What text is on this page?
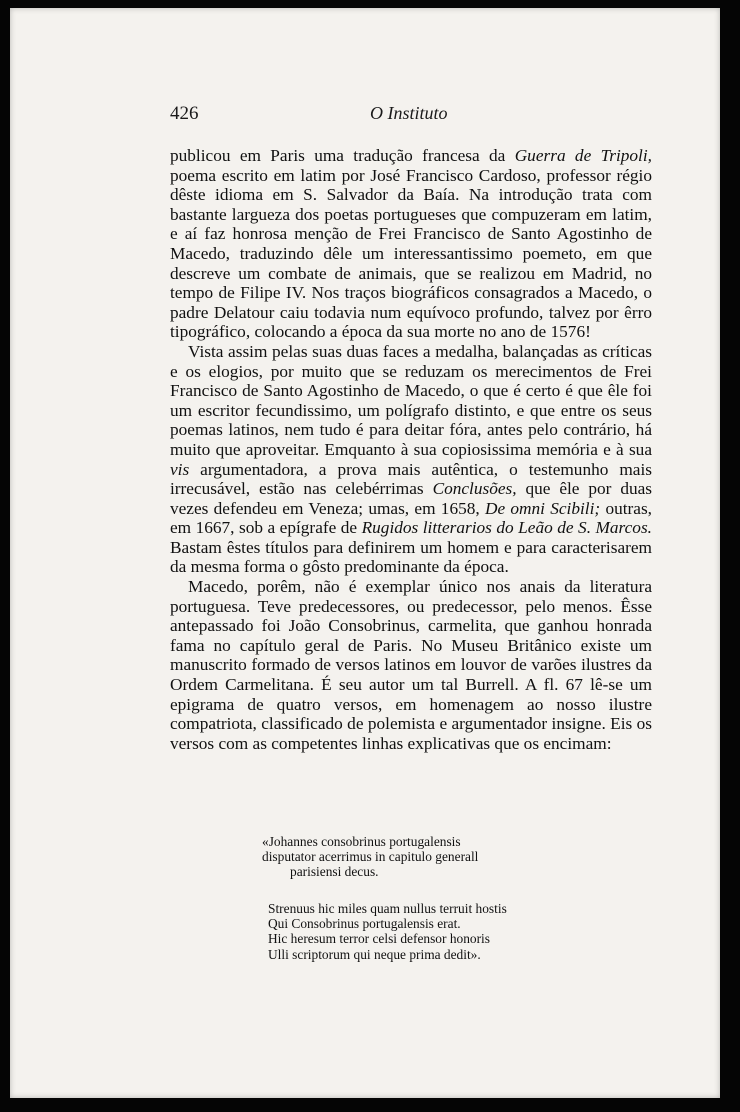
426	O Instituto

publicou em Paris uma tradução francesa da Guerra de Tripoli, poema escrito em latim por José Francisco Cardoso, professor régio dêste idioma em S. Salvador da Baía. Na introdução trata com bastante largueza dos poetas portugueses que compuzeram em latim, e aí faz honrosa menção de Frei Francisco de Santo Agostinho de Macedo, traduzindo dêle um interessantissimo poemeto, em que descreve um combate de animais, que se realizou em Madrid, no tempo de Filipe IV. Nos traços biográficos consagrados a Macedo, o padre Delatour caiu todavia num equívoco profundo, talvez por êrro tipográfico, colocando a época da sua morte no ano de 1576!

Vista assim pelas suas duas faces a medalha, balançadas as críticas e os elogios, por muito que se reduzam os merecimentos de Frei Francisco de Santo Agostinho de Macedo, o que é certo é que êle foi um escritor fecundissimo, um polígrafo distinto, e que entre os seus poemas latinos, nem tudo é para deitar fóra, antes pelo contrário, há muito que aproveitar. Emquanto à sua copiosissima memória e à sua vis argumentadora, a prova mais autêntica, o testemunho mais irrecusável, estão nas celebérrimas Conclusões, que êle por duas vezes defendeu em Veneza; umas, em 1658, De omni Scibili; outras, em 1667, sob a epígrafe de Rugidos litterarios do Leão de S. Marcos. Bastam êstes títulos para definirem um homem e para caracterisarem da mesma forma o gôsto predominante da época.

Macedo, porêm, não é exemplar único nos anais da literatura portuguesa. Teve predecessores, ou predecessor, pelo menos. Êsse antepassado foi João Consobrinus, carmelita, que ganhou honrada fama no capítulo geral de Paris. No Museu Britânico existe um manuscrito formado de versos latinos em louvor de varões ilustres da Ordem Carmelitana. É seu autor um tal Burrell. A fl. 67 lê-se um epigrama de quatro versos, em homenagem ao nosso ilustre compatriota, classificado de polemista e argumentador insigne. Eis os versos com as competentes linhas explicativas que os encimam:

«Johannes consobrinus portugalensis
disputator acerrimus in capitulo generall
parisiensi decus.
Strenuus hic miles quam nullus terruit hostis
Qui Consobrinus portugalensis erat.
Hic heresum terror celsi defensor honoris
Ulli scriptorum qui neque prima dedit».
